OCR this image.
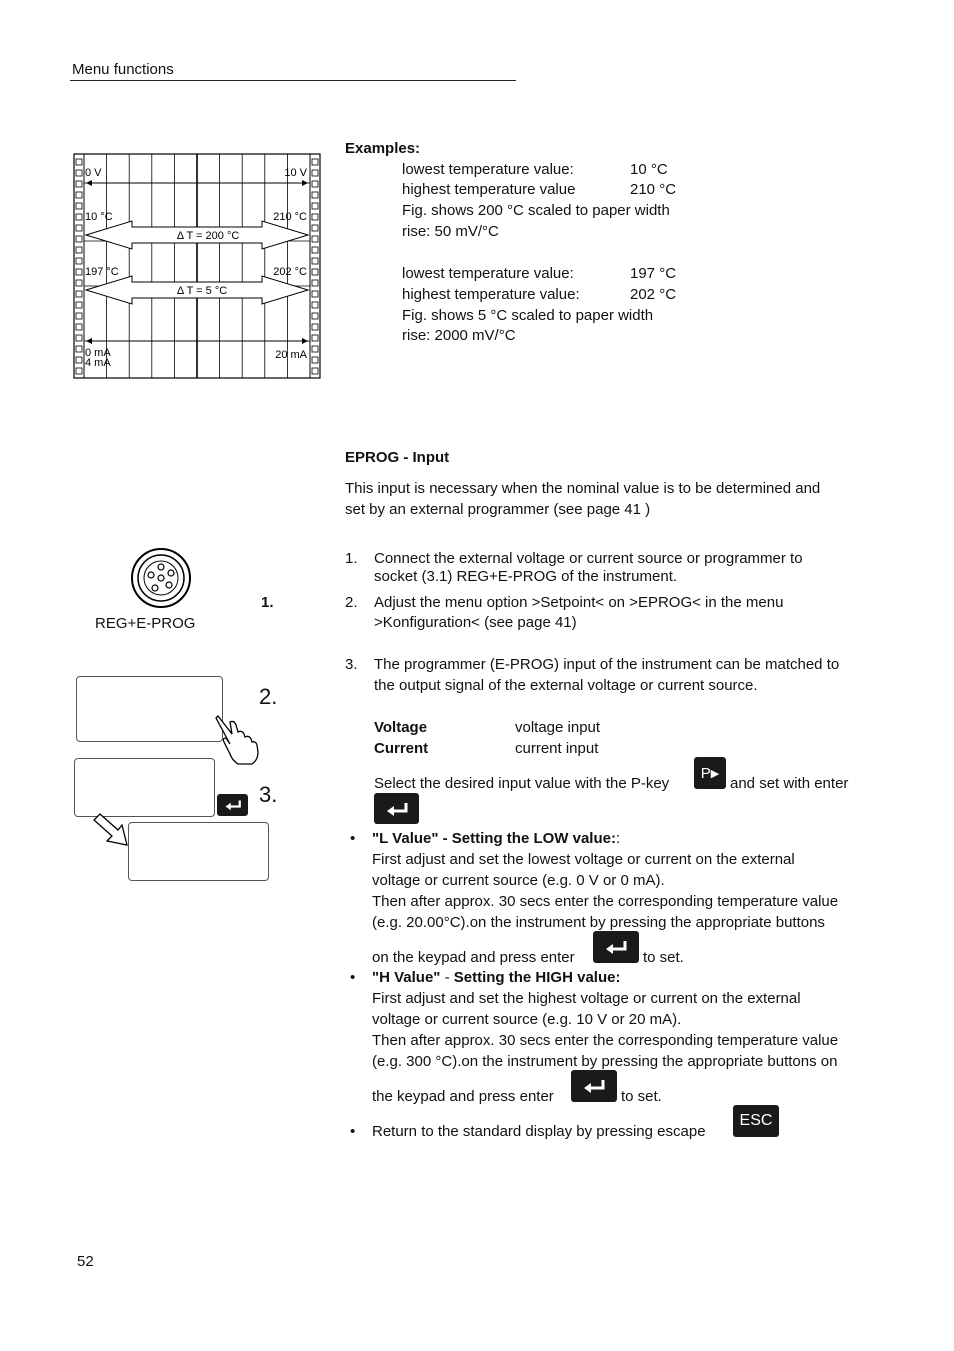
Menu functions
0 V	10 V
10 °C	210 °C
Δ T = 200 °C
197 °C	202 °C
Δ T = 5 °C
0 mA
4 mA
20 mA
Examples:
lowest temperature value:	10 °C
highest temperature value	210 °C
Fig. shows 200 °C scaled to paper width
rise: 50 mV/°C
lowest temperature value:	197 °C
highest temperature value:	202 °C
Fig. shows 5 °C scaled to paper width
rise: 2000 mV/°C
EPROG - Input
This input is necessary when the nominal value is to be determined and
set by an external programmer (see page 41 )
1. Connect the external voltage or current source or programmer to
socket (3.1) REG+E-PROG of the instrument.
2. Adjust the menu option >Setpoint< on >EPROG< in the menu
>Konfiguration< (see page 41)
3. The programmer (E-PROG) input of the instrument can be matched to
the output signal of the external voltage or current source.
Voltage	voltage input
Current	current input
Select the desired input value with the P-key
P ▶
and set with enter
• "L Value" - Setting the LOW value::
First adjust and set the lowest voltage or current on the external
voltage or current source (e.g. 0 V or 0 mA).
Then after approx. 30 secs enter the corresponding temperature value
(e.g. 20.00°C).on the instrument by pressing the appropriate buttons
on the keypad and press enter	to set.
• "H Value" - Setting the HIGH value:
First adjust and set the highest voltage or current on the external
voltage or current source (e.g. 10 V or 20 mA).
Then after approx. 30 secs enter the corresponding temperature value
(e.g. 300 °C).on the instrument by pressing the appropriate buttons on
the keypad and press enter	to set.
• Return to the standard display by pressing escape
ESC
REG+E-PROG
1.
2.
3.
52
